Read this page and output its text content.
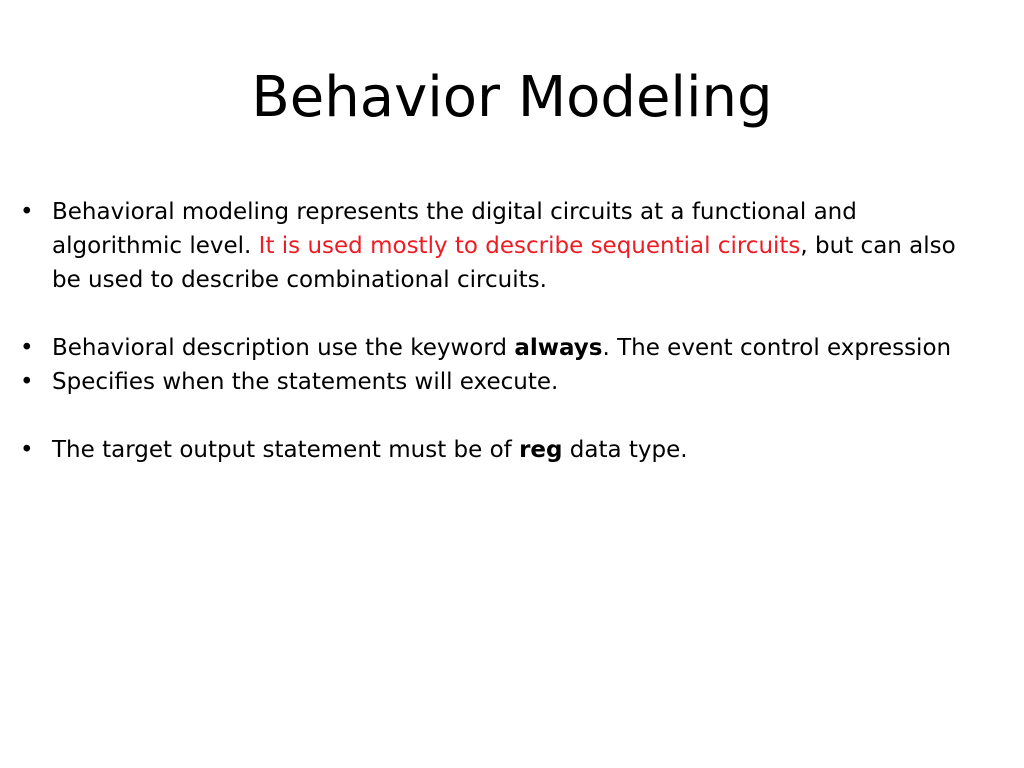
Behavior Modeling
• Behavioral modeling represents the digital circuits at a functional and algorithmic level. It is used mostly to describe sequential circuits, but can also be used to describe combinational circuits.
• Behavioral description use the keyword always. The event control expression
• Specifies when the statements will execute.
• The target output statement must be of reg data type.
